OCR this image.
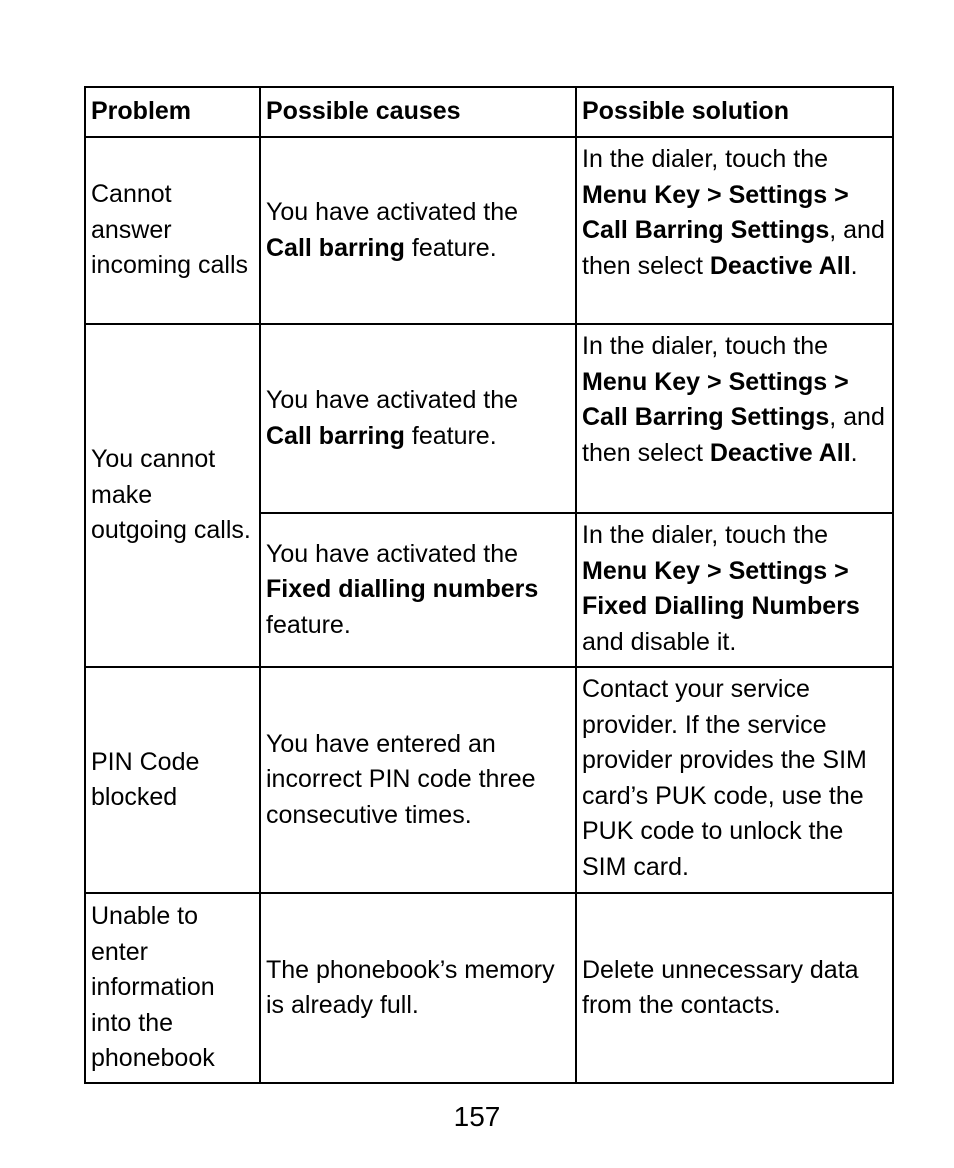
Problem	Possible causes	Possible solution
Cannot answer incoming calls	You have activated the Call barring feature.	In the dialer, touch the Menu Key > Settings > Call Barring Settings, and then select Deactive All.
You cannot make outgoing calls.	You have activated the Call barring feature.	In the dialer, touch the Menu Key > Settings > Call Barring Settings, and then select Deactive All.
	You have activated the Fixed dialling numbers feature.	In the dialer, touch the Menu Key > Settings > Fixed Dialling Numbers and disable it.
PIN Code blocked	You have entered an incorrect PIN code three consecutive times.	Contact your service provider. If the service provider provides the SIM card’s PUK code, use the PUK code to unlock the SIM card.
Unable to enter information into the phonebook	The phonebook’s memory is already full.	Delete unnecessary data from the contacts.
157
